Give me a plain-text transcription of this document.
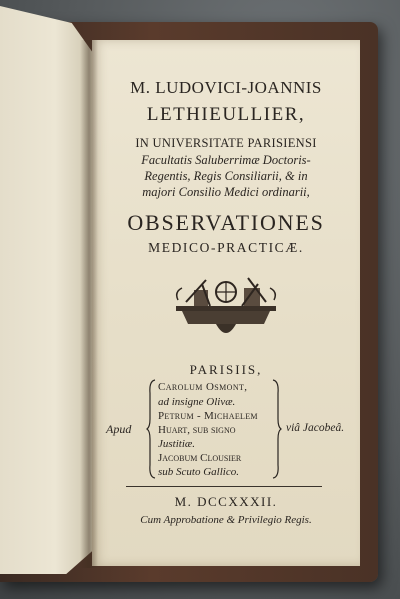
M. LUDOVICI-JOANNIS
LETHIEULLIER,
IN UNIVERSITATE PARISIENSI
Facultatis Saluberrimæ Doctoris-
Regentis, Regis Consiliarii, & in
majori Consilio Medici ordinarii,
OBSERVATIONES
MEDICO-PRACTICÆ.
PARISIIS,
Apud
Carolum Osmont,
ad insigne Olivæ.
Petrum - Michaelem
Huart, sub signo
Justitiæ.
Jacobum Clousier
sub Scuto Gallico.
viâ Jacobeâ.
M. DCCXXXII.
Cum Approbatione & Privilegio Regis.
